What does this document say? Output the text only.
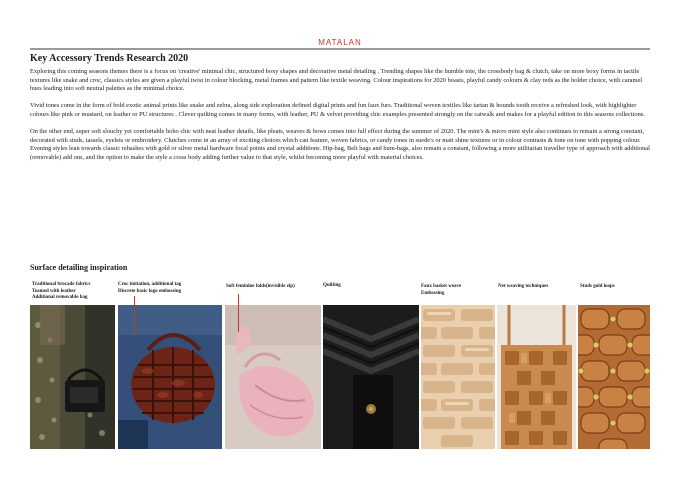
MATALAN
Key Accessory Trends Research 2020

Exploring this coming seasons themes there is a focus on 'creative' minimal chic, structured boxy shapes and decorative metal detailing . Trending shapes like the humble tote, the crossbody bag & clutch, take on more boxy forms in tactile textures like snake and croc, classics styles are given a playful twist in colour blocking, metal frames and pattern like textile weaving. Colour inspirations for 2020 boasts, playful candy colours & clay reds as the bolder choice, with caramel hues leading into soft neutral palettes as the minimal choice.

Vivid tones come in the form of bold exotic animal prints like snake and zebra, along side exploration defined digital prints and fun faux furs. Traditional woven textiles like tartan & hounds tooth receive a refreshed look, with highlighter colours like pink or mustard, on leather or PU structures . Clever quilting comes in many forms, with leather, PU & velvet providing chic examples presented strongly on the catwalk and makes for a playful edition to this seasons collections.

On the other end, super soft slouchy yet comfortable boho chic with neat leather details, like pleats, weaves & bows comes into full effect during the summer of 2020. The mini's & micro mini style also continues to remain a strong constant, decorated with studs, tassels, eyelets or embroidery. Clutches come in an array of exciting choices which can feature, woven fabrics, or candy tones in suede's or matt shine textures or in colour contrasts & tone on tone with popping colour. Evening styles lean towards classic rehashes with gold or silver metal hardware focal points and crystal additions. Hip-bag, Belt bags and bum-bags, also remain a constant, following a more utilitarian traveller type of approach with additional (removable) add ons, and the option to make the style a cross body adding further value to that style, whilst becoming more playful with material choices.

Surface detailing inspiration
Traditional brocade fabrics
Teamed with leather
Additional removable bag
Croc imitation, additional tag
Discrete basic logo embossing
Soft feminine folds(invisible zip)	Quilting	Faux basket weave
Embossing
Net weaving techniques	Studs gold loops
